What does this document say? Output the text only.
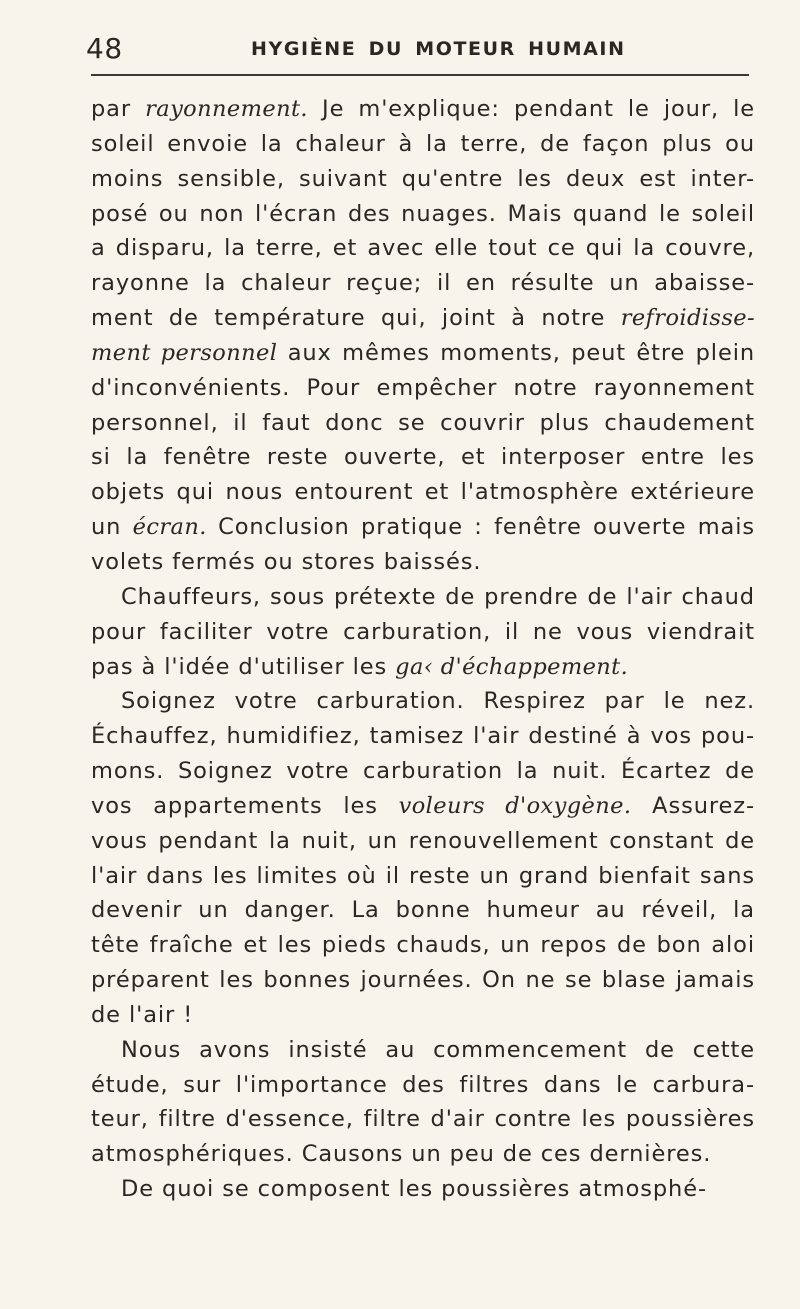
48	HYGIÈNE DU MOTEUR HUMAIN
par rayonnement. Je m'explique: pendant le jour, le
soleil envoie la chaleur à la terre, de façon plus ou
moins sensible, suivant qu'entre les deux est inter-
posé ou non l'écran des nuages. Mais quand le soleil
a disparu, la terre, et avec elle tout ce qui la couvre,
rayonne la chaleur reçue; il en résulte un abaisse-
ment de température qui, joint à notre refroidisse-
ment personnel aux mêmes moments, peut être plein
d'inconvénients. Pour empêcher notre rayonnement
personnel, il faut donc se couvrir plus chaudement
si la fenêtre reste ouverte, et interposer entre les
objets qui nous entourent et l'atmosphère extérieure
un écran. Conclusion pratique : fenêtre ouverte mais
volets fermés ou stores baissés.
Chauffeurs, sous prétexte de prendre de l'air chaud
pour faciliter votre carburation, il ne vous viendrait
pas à l'idée d'utiliser les ga‹ d'échappement.
Soignez votre carburation. Respirez par le nez.
Échauffez, humidifiez, tamisez l'air destiné à vos pou-
mons. Soignez votre carburation la nuit. Écartez de
vos appartements les voleurs d'oxygène. Assurez-
vous pendant la nuit, un renouvellement constant de
l'air dans les limites où il reste un grand bienfait sans
devenir un danger. La bonne humeur au réveil, la
tête fraîche et les pieds chauds, un repos de bon aloi
préparent les bonnes journées. On ne se blase jamais
de l'air !
Nous avons insisté au commencement de cette
étude, sur l'importance des filtres dans le carbura-
teur, filtre d'essence, filtre d'air contre les poussières
atmosphériques. Causons un peu de ces dernières.
De quoi se composent les poussières atmosphé-
